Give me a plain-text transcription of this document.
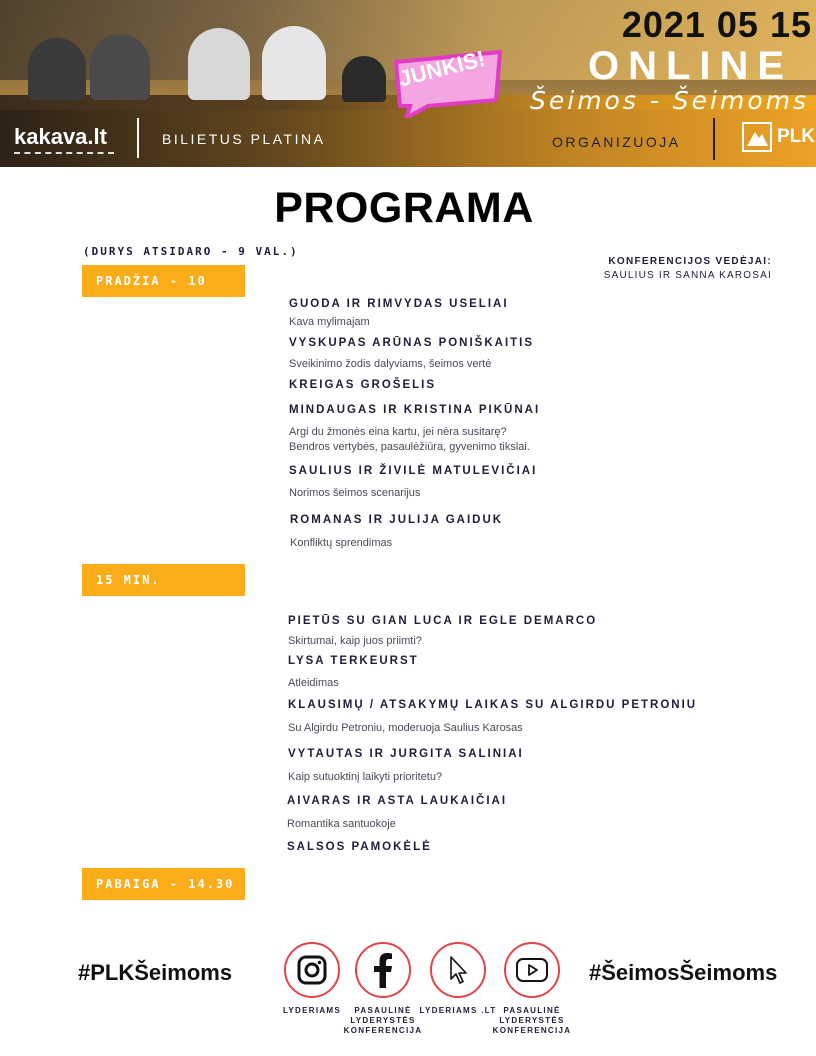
JUNKIS!
2021 05 15
ONLINE
Šeimos - Šeimoms
kakava.lt	BILIETUS PLATINA	ORGANIZUOJA	PLK
PROGRAMA
(DURYS ATSIDARO - 9 VAL.)
KONFERENCIJOS VEDĖJAI:
SAULIUS IR SANNA KAROSAI
PRADŽIA - 10 VAL.
15 MIN. PERTRAUKA
PABAIGA - 14.30 VAL.
GUODA IR RIMVYDAS USELIAI
Kava mylimajam
VYSKUPAS ARŪNAS PONIŠKAITIS
Sveikinimo žodis dalyviams, šeimos vertė
KREIGAS GROŠELIS
MINDAUGAS IR KRISTINA PIKŪNAI
Argi du žmonės eina kartu, jei nėra susitarę?
Bendros vertybės, pasaulėžiūra, gyvenimo tikslai.
SAULIUS IR ŽIVILĖ MATULEVIČIAI
Norimos šeimos scenarijus
ROMANAS IR JULIJA GAIDUK
Konfliktų sprendimas
PIETŪS SU GIAN LUCA IR EGLE DEMARCO
Skirtumai, kaip juos priimti?
LYSA TERKEURST
Atleidimas
KLAUSIMŲ / ATSAKYMŲ LAIKAS SU ALGIRDU PETRONIU
Su Algirdu Petroniu, moderuoja Saulius Karosas
VYTAUTAS IR JURGITA SALINIAI
Kaip sutuoktinį laikyti prioritetu?
AIVARAS IR ASTA LAUKAIČIAI
Romantika santuokoje
SALSOS PAMOKĖLĖ
#PLKŠeimoms	#ŠeimosŠeimoms
LYDERIAMS	PASAULINĖ LYDERYSTĖS KONFERENCIJA
LYDERIAMS .LT PASAULINĖ LYDERYSTĖS KONFERENCIJA
